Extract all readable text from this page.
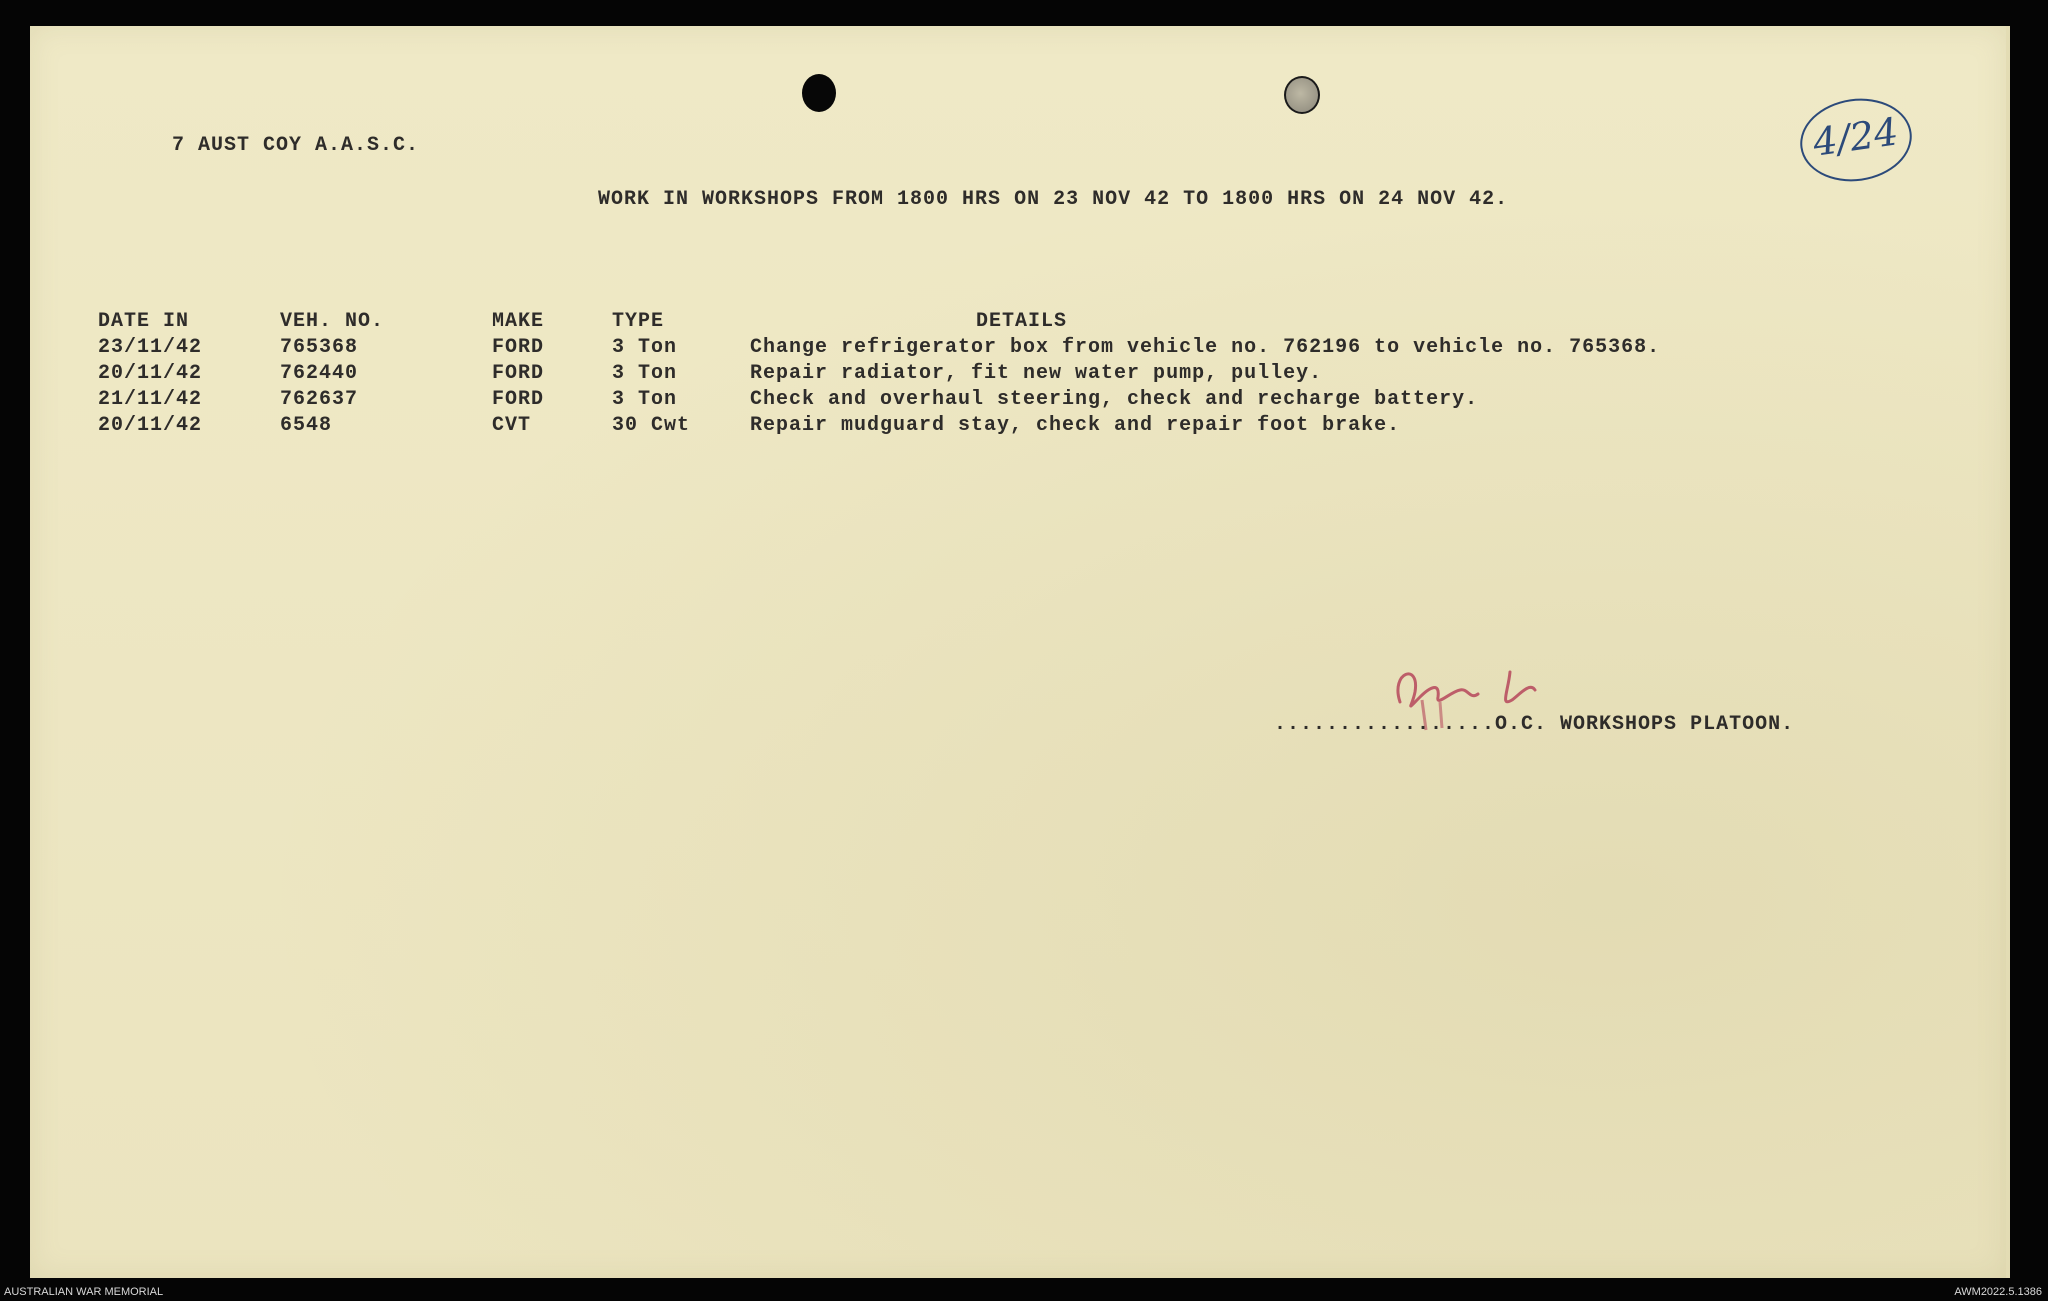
4/24
7 AUST COY A.A.S.C.
WORK IN WORKSHOPS FROM 1800 HRS ON 23 NOV 42 TO 1800 HRS ON 24 NOV 42.
DATE IN	VEH. NO.	MAKE	TYPE	DETAILS
23/11/42	765368	FORD	3 Ton	Change refrigerator box from vehicle no. 762196 to vehicle no. 765368.
20/11/42	762440	FORD	3 Ton	Repair radiator, fit new water pump, pulley.
21/11/42	762637	FORD	3 Ton	Check and overhaul steering, check and recharge battery.
20/11/42	6548	CVT	30 Cwt	Repair mudguard stay, check and repair foot brake.
.................O.C. WORKSHOPS PLATOON.
AUSTRALIAN WAR MEMORIAL	AWM2022.5.1386
